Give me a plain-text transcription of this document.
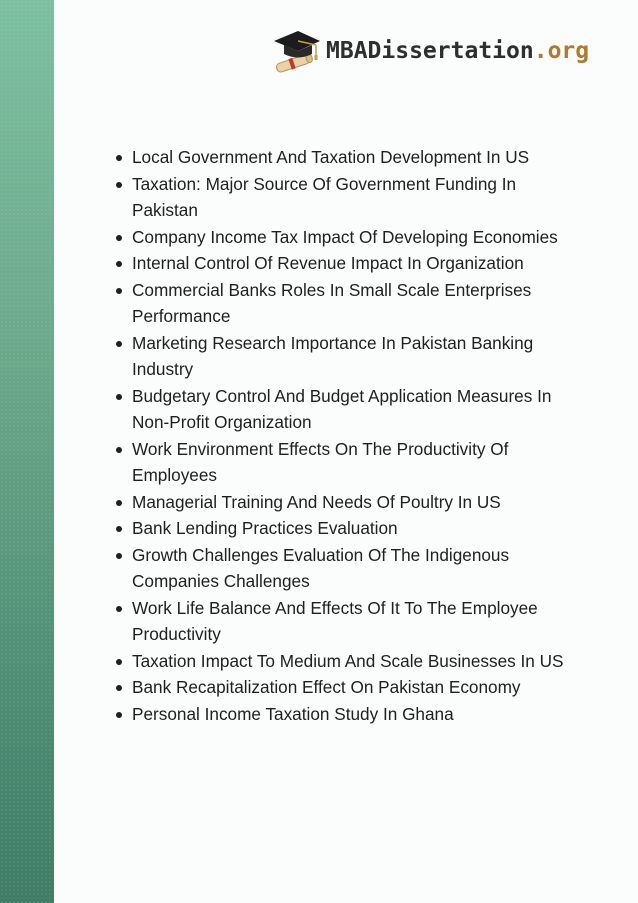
MBADissertation.org
Local Government And Taxation Development In US
Taxation: Major Source Of Government Funding In Pakistan
Company Income Tax Impact Of Developing Economies
Internal Control Of Revenue Impact In Organization
Commercial Banks Roles In Small Scale Enterprises Performance
Marketing Research Importance In Pakistan Banking Industry
Budgetary Control And Budget Application Measures In Non-Profit Organization
Work Environment Effects On The Productivity Of Employees
Managerial Training And Needs Of Poultry In US
Bank Lending Practices Evaluation
Growth Challenges Evaluation Of The Indigenous Companies Challenges
Work Life Balance And Effects Of It To The Employee Productivity
Taxation Impact To Medium And Scale Businesses In US
Bank Recapitalization Effect On Pakistan Economy
Personal Income Taxation Study In Ghana
